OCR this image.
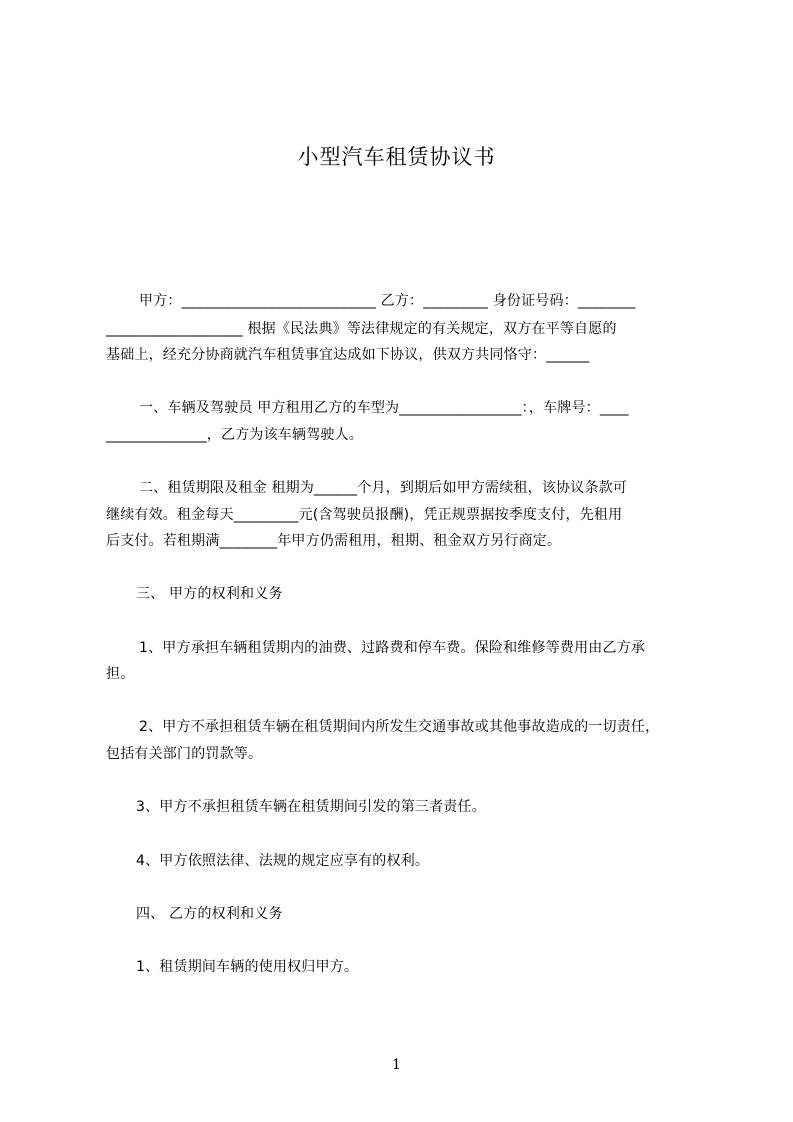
小型汽车租赁协议书
甲方：___________________________ 乙方：_________ 身份证号码：________
___________________ 根据《民法典》等法律规定的有关规定，双方在平等自愿的
基础上，经充分协商就汽车租赁事宜达成如下协议，供双方共同恪守：______
一、车辆及驾驶员 甲方租用乙方的车型为_________________：，车牌号：____
______________，乙方为该车辆驾驶人。
二、租赁期限及租金 租期为______个月，到期后如甲方需续租，该协议条款可
继续有效。租金每天_________元(含驾驶员报酬)，凭正规票据按季度支付，先租用
后支付。若租期满________年甲方仍需租用，租期、租金双方另行商定。
三、 甲方的权利和义务
1、甲方承担车辆租赁期内的油费、过路费和停车费。保险和维修等费用由乙方承
担。
2、甲方不承担租赁车辆在租赁期间内所发生交通事故或其他事故造成的一切责任，
包括有关部门的罚款等。
3、甲方不承担租赁车辆在租赁期间引发的第三者责任。
4、甲方依照法律、法规的规定应享有的权利。
四、 乙方的权利和义务
1、租赁期间车辆的使用权归甲方。
1
